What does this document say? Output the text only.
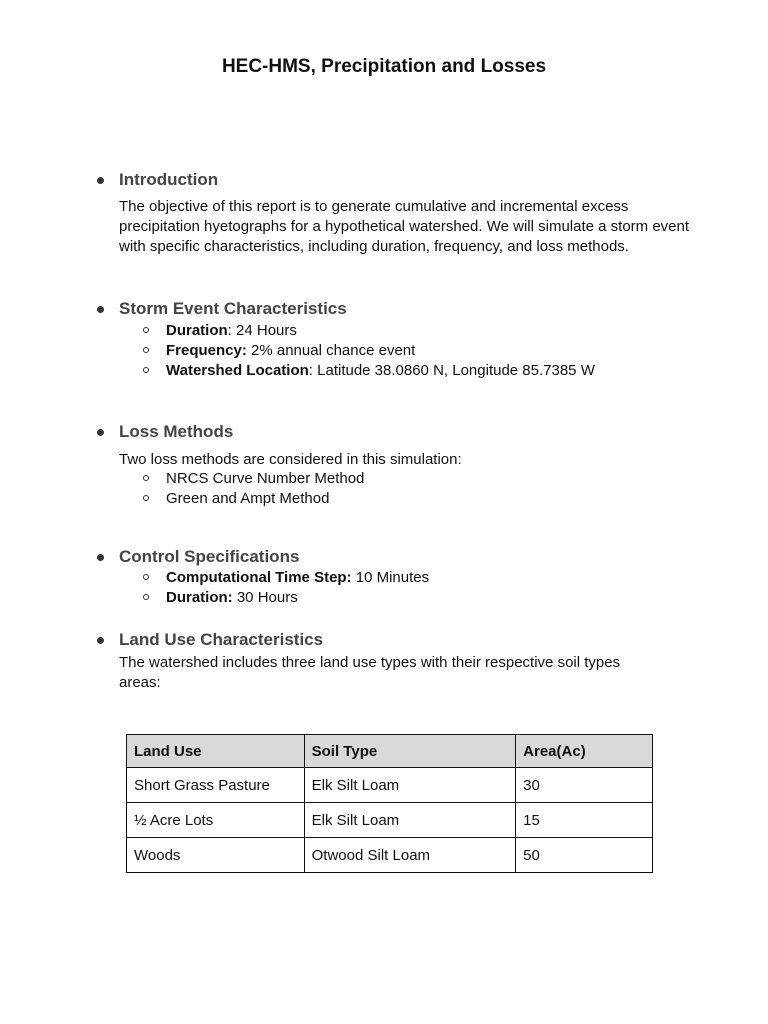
HEC-HMS, Precipitation and Losses
Introduction
The objective of this report is to generate cumulative and incremental excess precipitation hyetographs for a hypothetical watershed. We will simulate a storm event with specific characteristics, including duration, frequency, and loss methods.
Storm Event Characteristics
Duration: 24 Hours
Frequency: 2% annual chance event
Watershed Location: Latitude 38.0860 N, Longitude 85.7385 W
Loss Methods
Two loss methods are considered in this simulation:
NRCS Curve Number Method
Green and Ampt Method
Control Specifications
Computational Time Step: 10 Minutes
Duration: 30 Hours
Land Use Characteristics
The watershed includes three land use types with their respective soil types areas:
Land Use	Soil Type	Area(Ac)
Short Grass Pasture	Elk Silt Loam	30
½ Acre Lots	Elk Silt Loam	15
Woods	Otwood Silt Loam	50
